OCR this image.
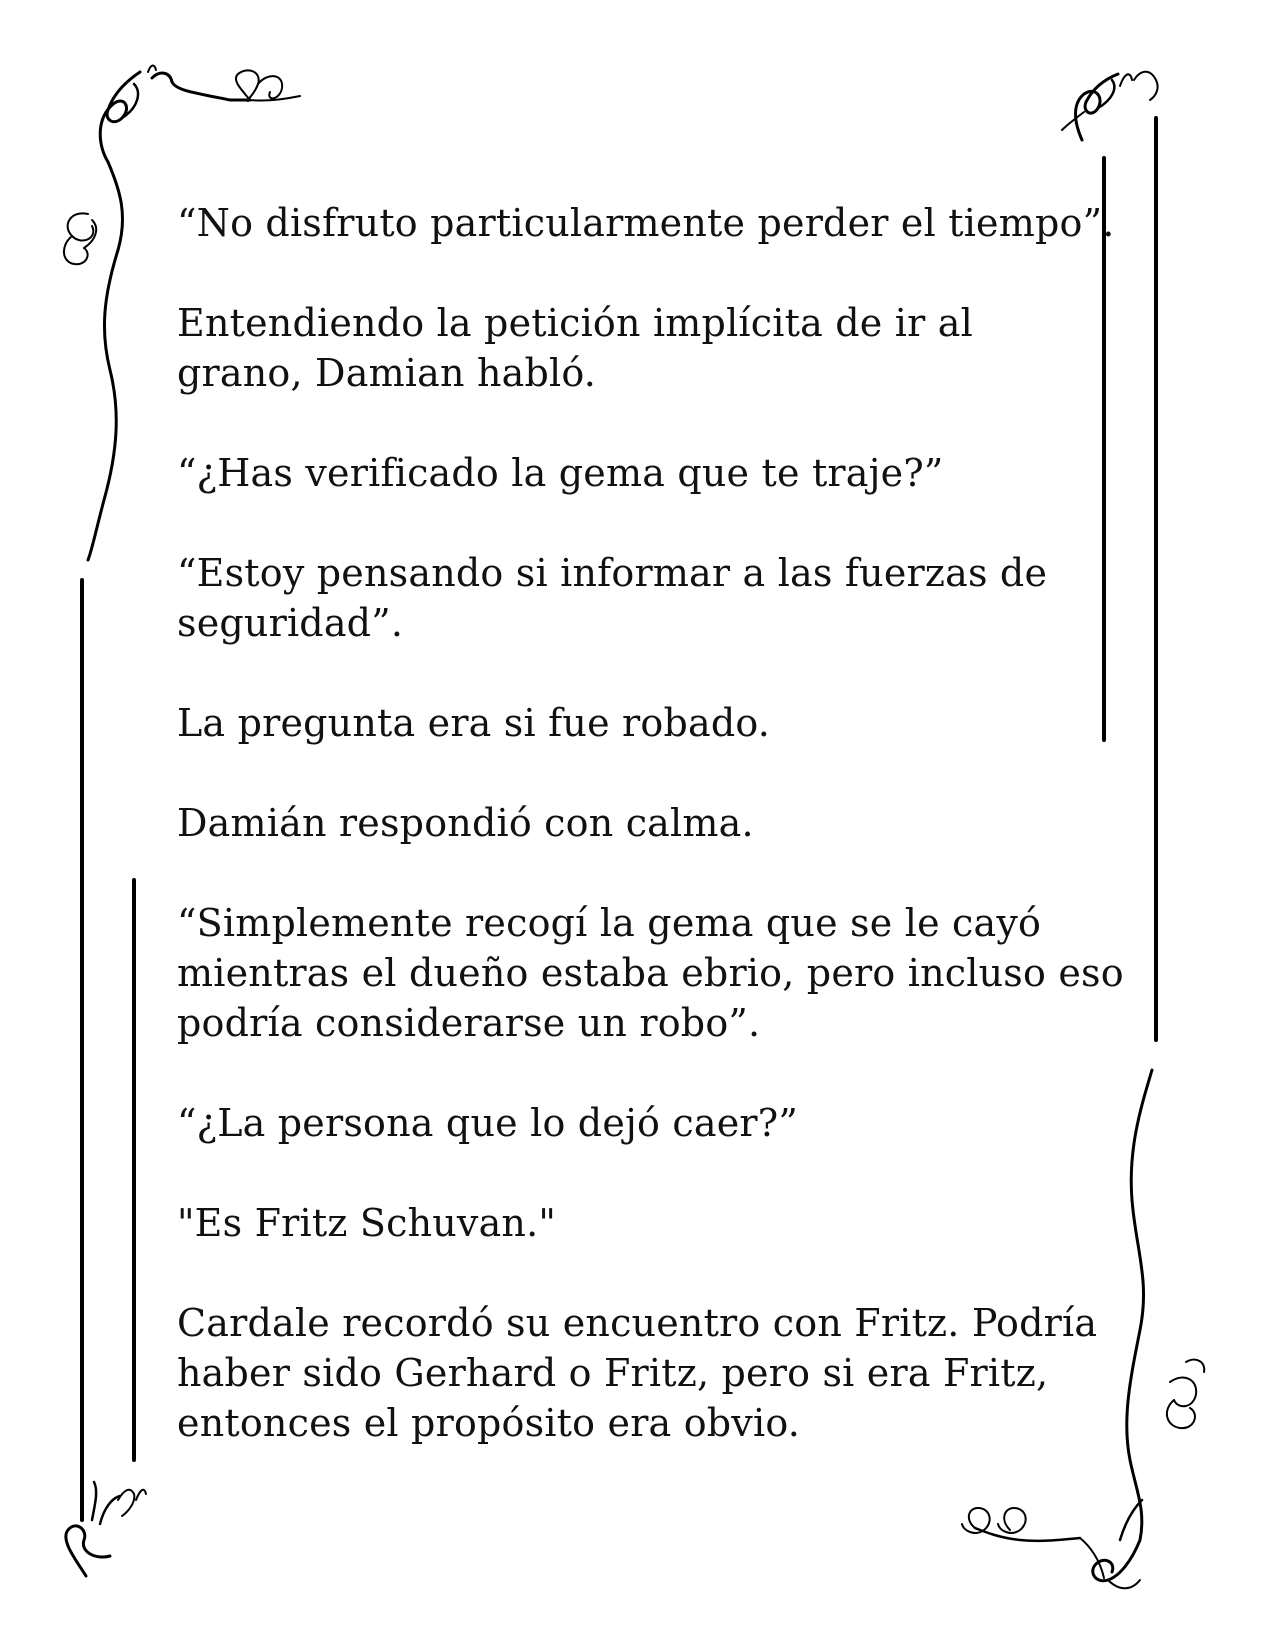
“No disfruto particularmente perder el tiempo”.

Entendiendo la petición implícita de ir al
grano, Damian habló.

“¿Has verificado la gema que te traje?”

“Estoy pensando si informar a las fuerzas de
seguridad”.

La pregunta era si fue robado.

Damián respondió con calma.

“Simplemente recogí la gema que se le cayó
mientras el dueño estaba ebrio, pero incluso eso
podría considerarse un robo”.

“¿La persona que lo dejó caer?”

"Es Fritz Schuvan."

Cardale recordó su encuentro con Fritz. Podría
haber sido Gerhard o Fritz, pero si era Fritz,
entonces el propósito era obvio.
